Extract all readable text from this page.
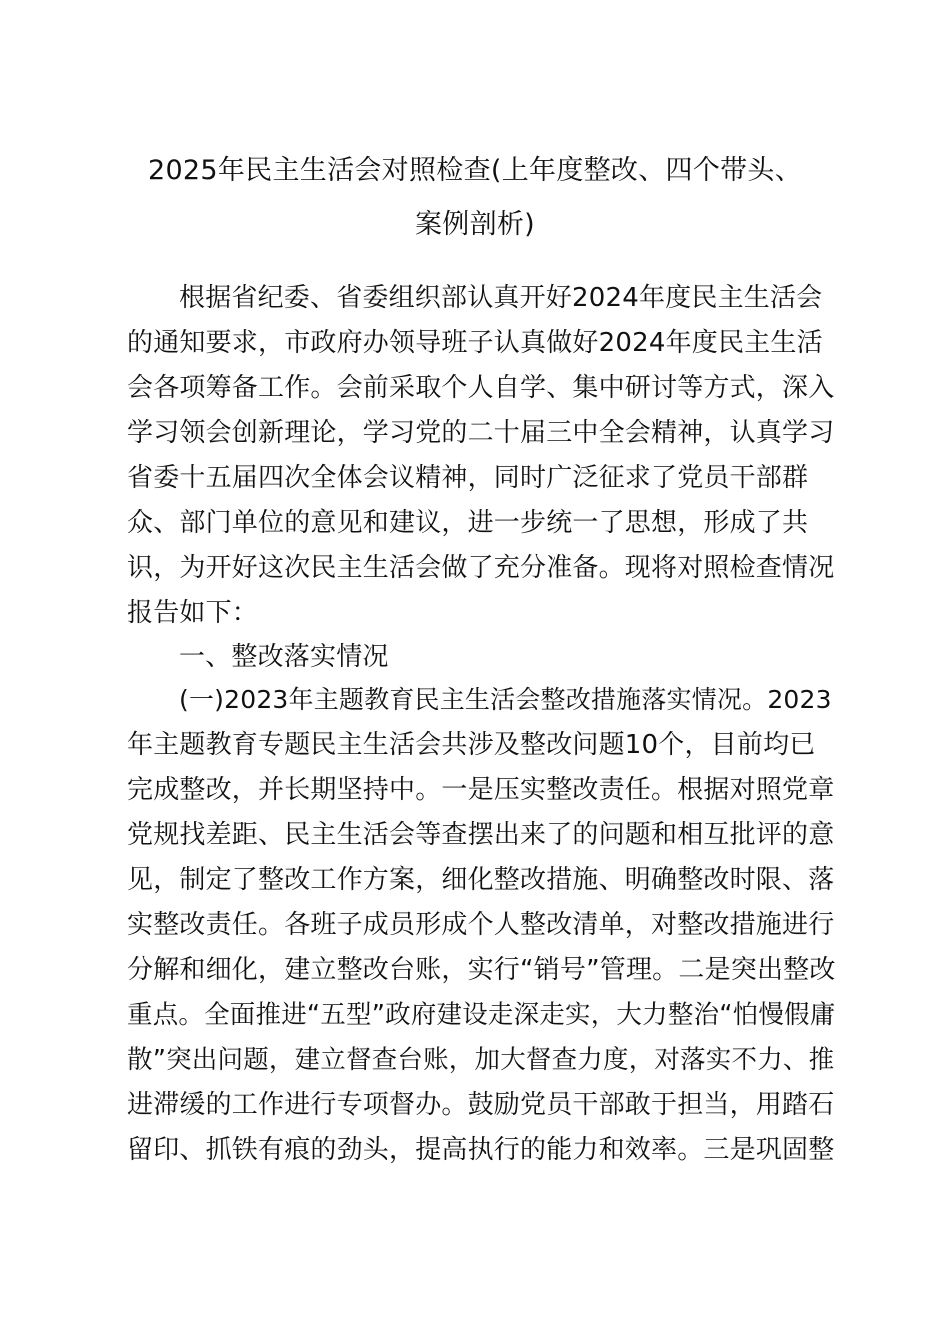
2025年民主生活会对照检查(上年度整改、四个带头、
案例剖析)
根据省纪委、省委组织部认真开好2024年度民主生活会
的通知要求，市政府办领导班子认真做好2024年度民主生活
会各项筹备工作。会前采取个人自学、集中研讨等方式，深入
学习领会创新理论，学习党的二十届三中全会精神，认真学习
省委十五届四次全体会议精神，同时广泛征求了党员干部群
众、部门单位的意见和建议，进一步统一了思想，形成了共
识，为开好这次民主生活会做了充分准备。现将对照检查情况
报告如下：
一、整改落实情况
(一)2023年主题教育民主生活会整改措施落实情况。2023
年主题教育专题民主生活会共涉及整改问题10个，目前均已
完成整改，并长期坚持中。一是压实整改责任。根据对照党章
党规找差距、民主生活会等查摆出来了的问题和相互批评的意
见，制定了整改工作方案，细化整改措施、明确整改时限、落
实整改责任。各班子成员形成个人整改清单，对整改措施进行
分解和细化，建立整改台账，实行“销号”管理。二是突出整改
重点。全面推进“五型”政府建设走深走实，大力整治“怕慢假庸
散”突出问题，建立督查台账，加大督查力度，对落实不力、推
进滞缓的工作进行专项督办。鼓励党员干部敢于担当，用踏石
留印、抓铁有痕的劲头，提高执行的能力和效率。三是巩固整
